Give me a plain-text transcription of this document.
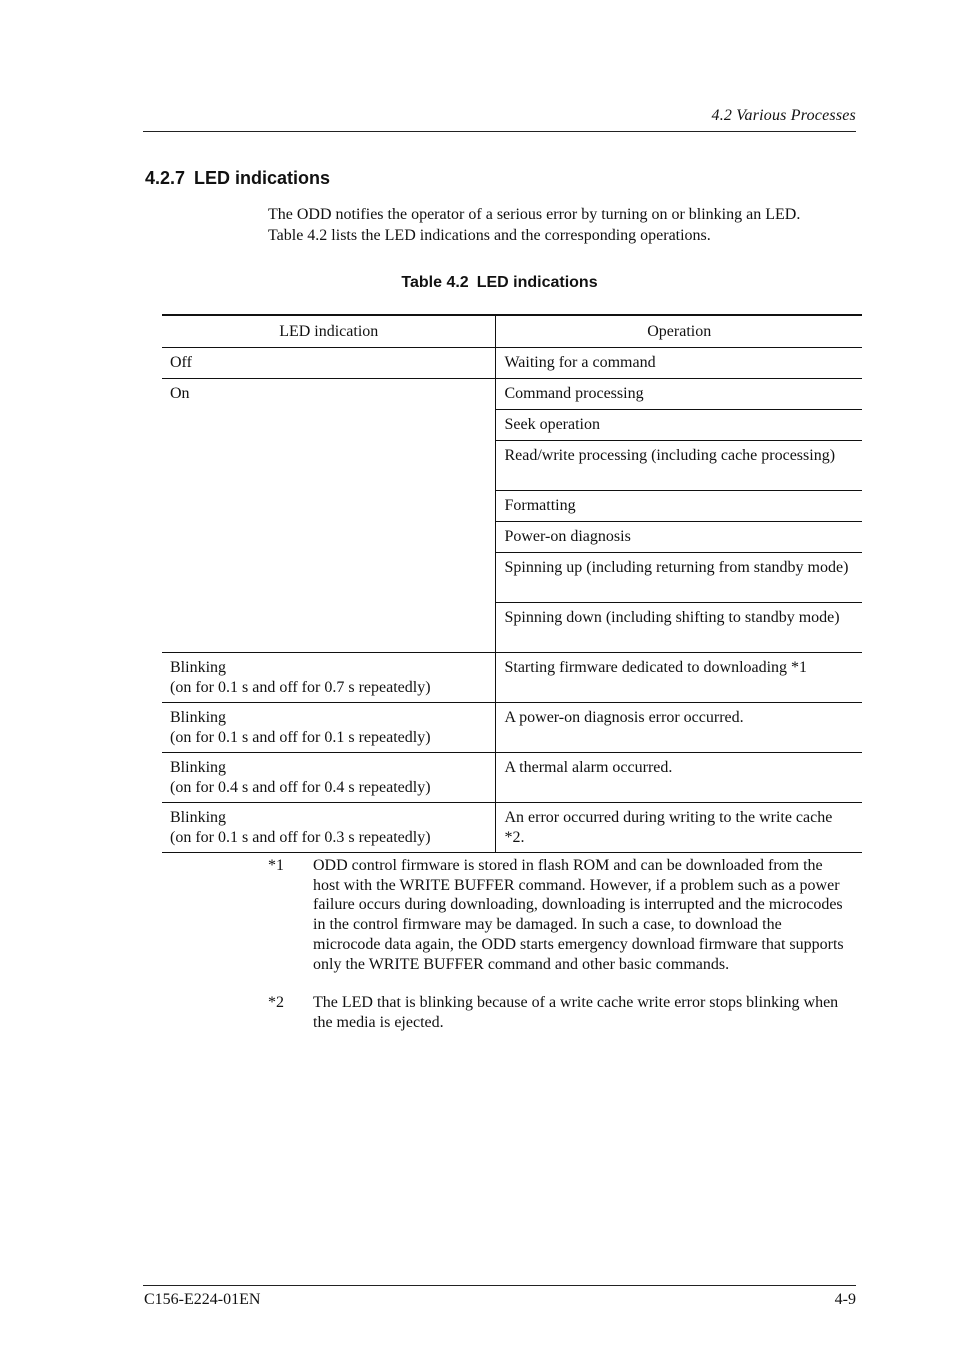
4.2 Various Processes
4.2.7 LED indications
The ODD notifies the operator of a serious error by turning on or blinking an LED. Table 4.2 lists the LED indications and the corresponding operations.
Table 4.2 LED indications
LED indication	Operation
Off	Waiting for a command
On	Command processing
	Seek operation
	Read/write processing (including cache processing)
	Formatting
	Power-on diagnosis
	Spinning up (including returning from standby mode)
	Spinning down (including shifting to standby mode)

Blinking
(on for 0.1 s and off for 0.7 s repeatedly)	Starting firmware dedicated to downloading *1

Blinking
(on for 0.1 s and off for 0.1 s repeatedly)	A power-on diagnosis error occurred.

Blinking
(on for 0.4 s and off for 0.4 s repeatedly)	A thermal alarm occurred.

Blinking
(on for 0.1 s and off for 0.3 s repeatedly)	An error occurred during writing to the write cache *2.
*1	ODD control firmware is stored in flash ROM and can be downloaded from the host with the WRITE BUFFER command. However, if a problem such as a power failure occurs during downloading, downloading is interrupted and the microcodes in the control firmware may be damaged. In such a case, to download the microcode data again, the ODD starts emergency download firmware that supports only the WRITE BUFFER command and other basic commands.
*2	The LED that is blinking because of a write cache write error stops blinking when the media is ejected.
C156-E224-01EN	4-9
